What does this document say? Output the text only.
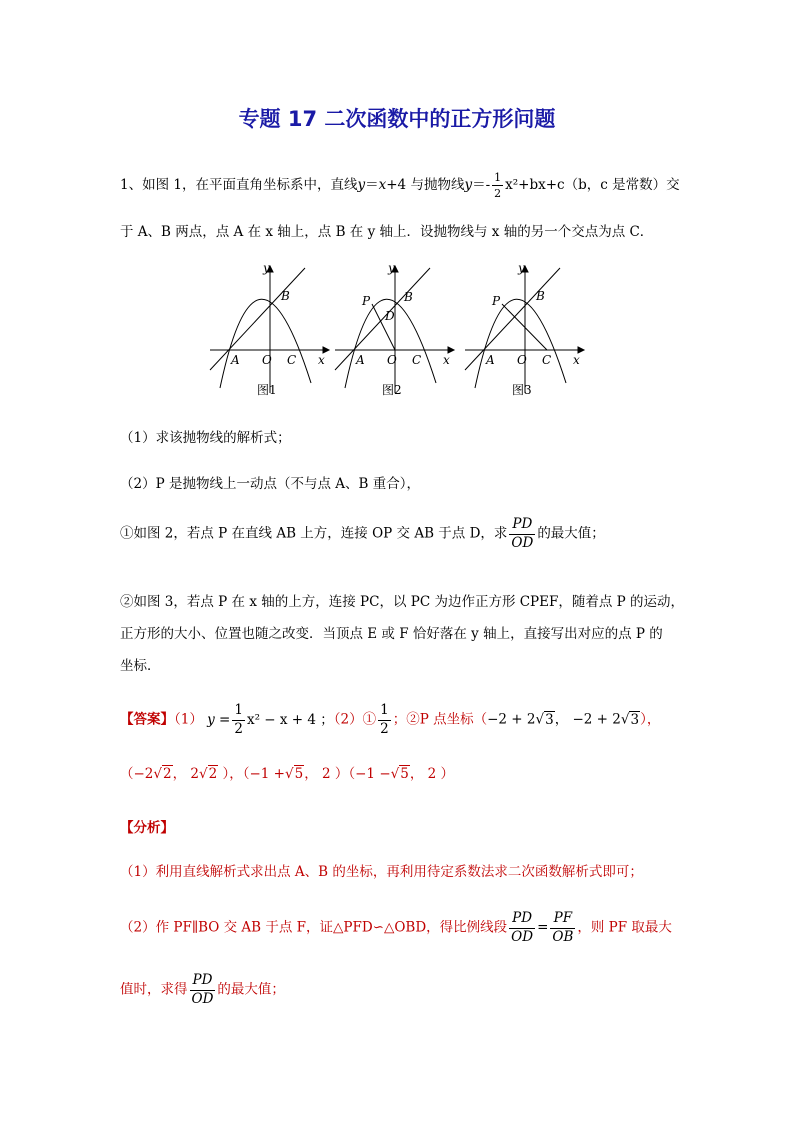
专题 17 二次函数中的正方形问题
1、如图 1，在平面直角坐标系中，直线y＝x+4 与抛物线$y=- \frac{1}{2} x^2+bx+c(b$，c 是常数）交
于 A、B 两点，点 A 在 x 轴上，点 B 在 y 轴上．设抛物线与 x 轴的另一个交点为点 C．
y
x
A O C
B
图1
y
x
A O C
B
P
D
图2
y
x
A O C
B
P
图3
（1）求该抛物线的解析式；
（2）P 是抛物线上一动点（不与点 A、B 重合），
①如图 2，若点 P 在直线 AB 上方，连接 OP 交 AB 于点 D，求 $\frac{PD}{OD}$ 的最大值；
②如图 3，若点 P 在 x 轴的上方，连接 PC，以 PC 为边作正方形 CPEF，随着点 P 的运动，
正方形的大小、位置也随之改变．当顶点 E 或 F 恰好落在 y 轴上，直接写出对应的点 P 的
坐标．
【答案】（1） $y = \frac{1}{2} x^2 - x + 4$ ；（2）① $\frac{1}{2}$ ；②P 点坐标（−2 + 2√3， −2 + 2√3），
（−2√2， 2√2 ），（−1 +√5， 2 ）（−1 −√5， 2 ）
【分析】
（1）利用直线解析式求出点 A、B 的坐标，再利用待定系数法求二次函数解析式即可；
（2）作 PF∥BO 交 AB 于点 F，证△PFD∽△OBD，得比例线段 $\frac{PD}{OD} = \frac{PF}{OB}$ ，则 PF 取最大
值时，求得 $\frac{PD}{OD}$ 的最大值；
